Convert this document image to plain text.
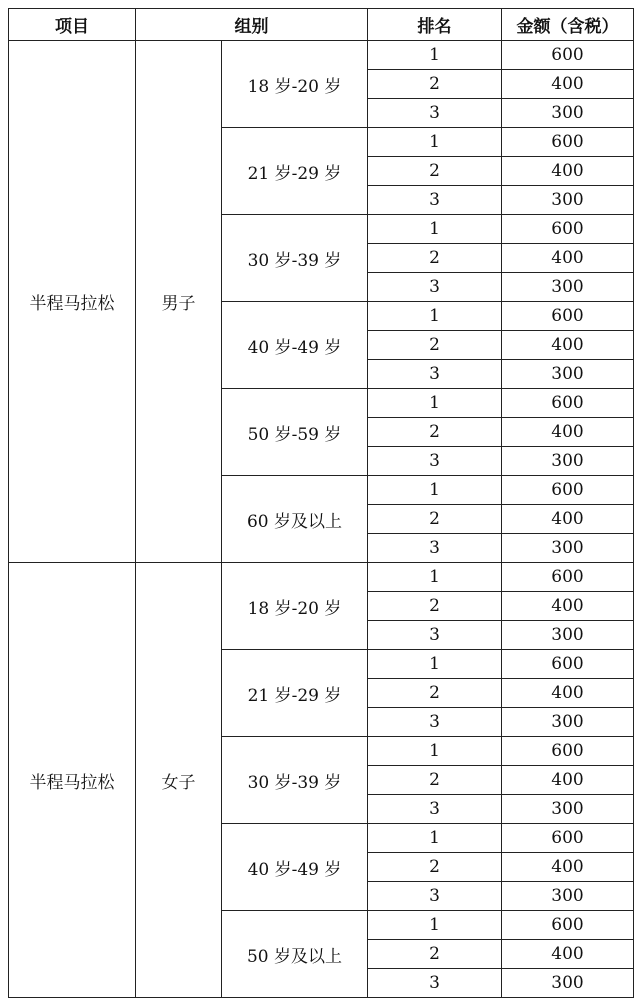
项目	组别		排名	金额（含税）
半程马拉松	男子	18 岁-20 岁	1	600
			2	400
			3	300
		21 岁-29 岁	1	600
			2	400
			3	300
		30 岁-39 岁	1	600
			2	400
			3	300
		40 岁-49 岁	1	600
			2	400
			3	300
		50 岁-59 岁	1	600
			2	400
			3	300
		60 岁及以上	1	600
			2	400
			3	300
半程马拉松	女子	18 岁-20 岁	1	600
			2	400
			3	300
		21 岁-29 岁	1	600
			2	400
			3	300
		30 岁-39 岁	1	600
			2	400
			3	300
		40 岁-49 岁	1	600
			2	400
			3	300
		50 岁及以上	1	600
			2	400
			3	300
